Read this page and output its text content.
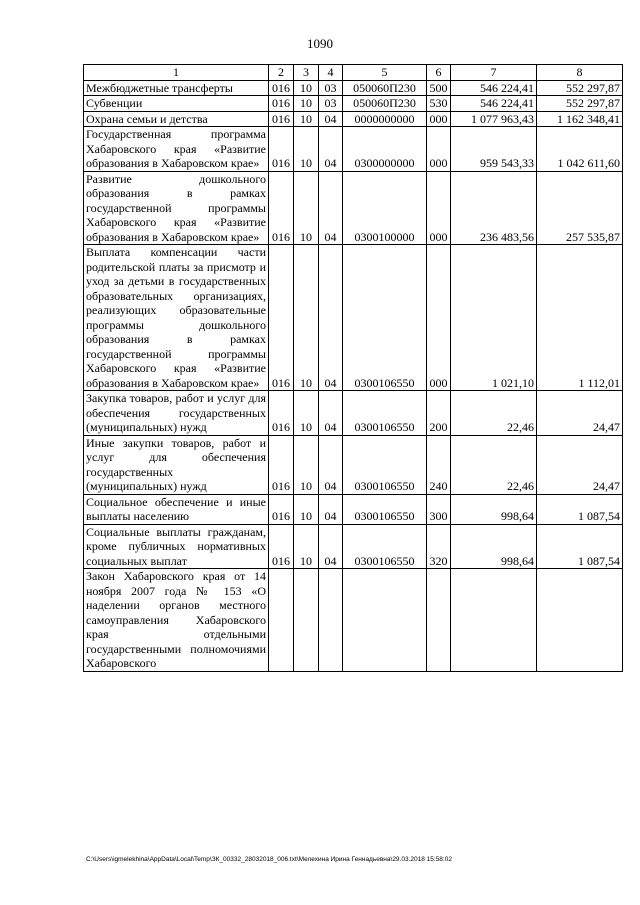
1090
1	2	3	4	5	6	7	8
Межбюджетные трансферты	016	10	03	050060П230	500	546 224,41	552 297,87
Субвенции	016	10	03	050060П230	530	546 224,41	552 297,87
Охрана семьи и детства	016	10	04	0000000000	000	1 077 963,43	1 162 348,41
Государственная программа Хабаровского края «Развитие образования в Хабаровском крае»	016	10	04	0300000000	000	959 543,33	1 042 611,60
Развитие дошкольного образования в рамках государственной программы Хабаровского края «Развитие образования в Хабаровском крае»	016	10	04	0300100000	000	236 483,56	257 535,87
Выплата компенсации части родительской платы за присмотр и уход за детьми в государственных образовательных организациях, реализующих образовательные программы дошкольного образования в рамках государственной программы Хабаровского края «Развитие образования в Хабаровском крае»	016	10	04	0300106550	000	1 021,10	1 112,01
Закупка товаров, работ и услуг для обеспечения государственных (муниципальных) нужд	016	10	04	0300106550	200	22,46	24,47
Иные закупки товаров, работ и услуг для обеспечения государственных (муниципальных) нужд	016	10	04	0300106550	240	22,46	24,47
Социальное обеспечение и иные выплаты населению	016	10	04	0300106550	300	998,64	1 087,54
Социальные выплаты гражданам, кроме публичных нормативных социальных выплат	016	10	04	0300106550	320	998,64	1 087,54
Закон Хабаровского края от 14 ноября 2007 года № 153 «О наделении органов местного самоуправления Хабаровского края отдельными государственными полномочиями Хабаровского							
C:\Users\igmelekhina\AppData\Local\Temp\ЗК_00332_28032018_006.txt\Мелехина Ирина Геннадьевна\29.03.2018 15:58:02
